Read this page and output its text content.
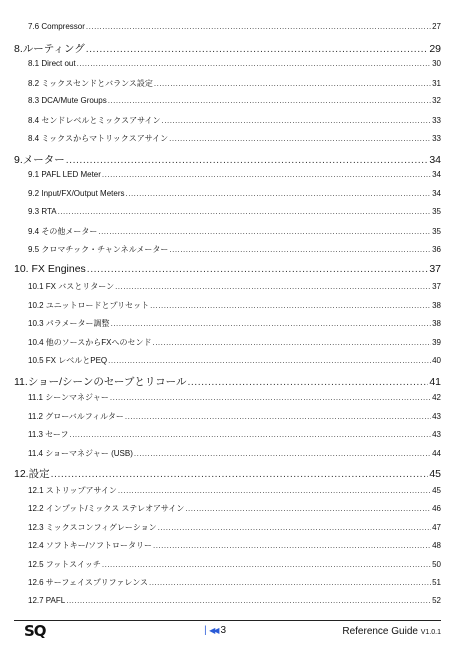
7.6 Compressor .....	27
8.ルーティング .....	29
8.1 Direct out .....	30
8.2 ミックスセンドとバランス設定 .....	31
8.3 DCA/Mute Groups .....	32
8.4 センドレベルとミックスアサイン .....	33
8.4 ミックスからマトリックスアサイン .....	33
9.メーター .....	34
9.1 PAFL LED Meter .....	34
9.2 Input/FX/Output Meters .....	34
9.3 RTA .....	35
9.4 その他メーター .....	35
9.5 クロマチック・チャンネルメーター .....	36
10. FX Engines .....	37
10.1 FX バスとリターン .....	37
10.2 ユニットロードとプリセット .....	38
10.3 パラメーター調整 .....	38
10.4 他のソースからFXへのセンド .....	39
10.5 FX レベルとPEQ .....	40
11.ショー/シーンのセーブとリコール .....	41
11.1 シーンマネジャー .....	42
11.2 グローバルフィルター .....	43
11.3 セーフ .....	43
11.4 ショーマネジャー (USB) .....	44
12.設定 .....	45
12.1 ストリップアサイン .....	45
12.2 インプット/ミックス ステレオアサイン .....	46
12.3 ミックスコンフィグレーション .....	47
12.4 ソフトキー/ソフトロータリー .....	48
12.5 フットスイッチ .....	50
12.6 サーフェイスプリファレンス .....	51
12.7 PAFL .....	52
SQ	▏◀◀ 3	Reference Guide V1.0.1
